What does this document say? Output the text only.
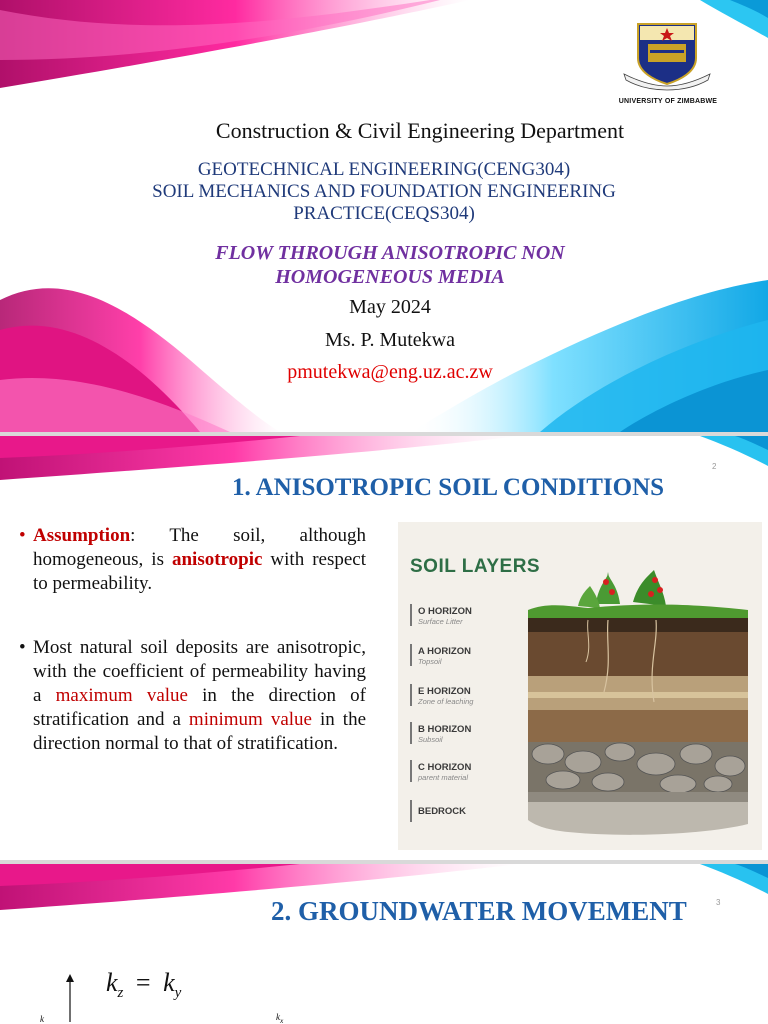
UNIVERSITY OF ZIMBABWE
Construction & Civil Engineering Department
GEOTECHNICAL ENGINEERING(CENG304)
SOIL MECHANICS AND FOUNDATION ENGINEERING
PRACTICE(CEQS304)
FLOW THROUGH ANISOTROPIC NON
HOMOGENEOUS MEDIA
May 2024
Ms. P. Mutekwa
pmutekwa@eng.uz.ac.zw
2
1. ANISOTROPIC SOIL CONDITIONS
• Assumption: The soil, although homogeneous, is anisotropic with respect to permeability.
• Most natural soil deposits are anisotropic, with the coefficient of permeability having a maximum value in the direction of stratification and a minimum value in the direction normal to that of stratification.
SOIL LAYERS
O HORIZON
Surface Litter
A HORIZON
Topsoil
E HORIZON
Zone of leaching
B HORIZON
Subsoil
C HORIZON
parent material
BEDROCK
3
2. GROUNDWATER MOVEMENT
$k_z = k_y$
k	$k_x$
